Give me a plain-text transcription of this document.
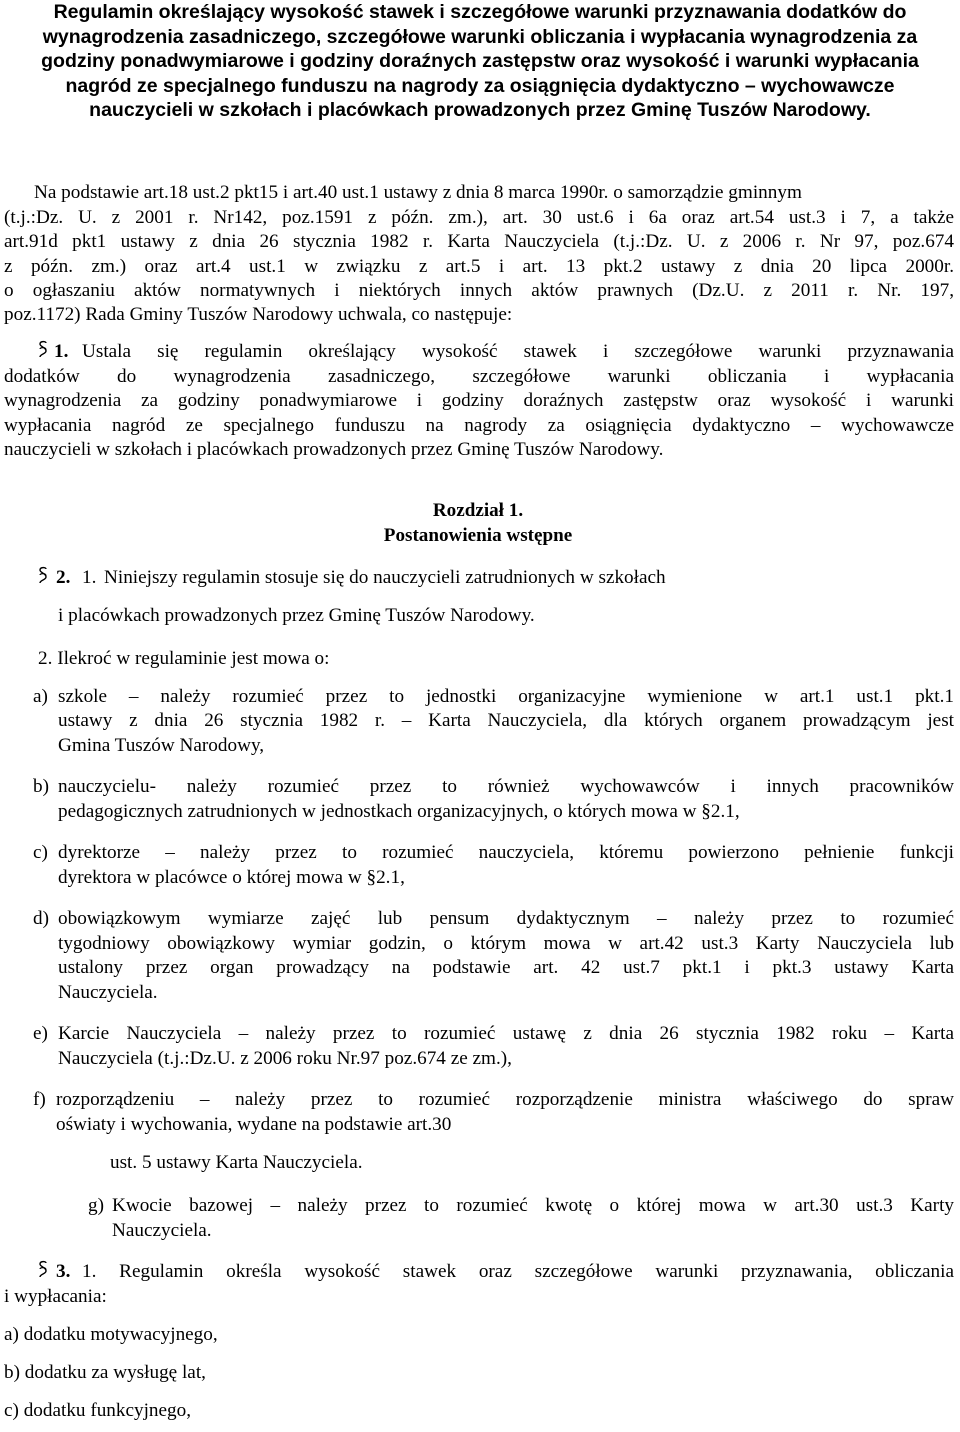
Regulamin określający wysokość stawek i szczegółowe warunki przyznawania dodatków do
wynagrodzenia zasadniczego, szczegółowe warunki obliczania i wypłacania wynagrodzenia za
godziny ponadwymiarowe i godziny doraźnych zastępstw oraz wysokość i warunki wypłacania
nagród ze specjalnego funduszu na nagrody za osiągnięcia dydaktyczno – wychowawcze
nauczycieli w szkołach i placówkach prowadzonych przez Gminę Tuszów Narodowy.
Na podstawie art.18 ust.2 pkt15 i art.40 ust.1 ustawy z dnia 8 marca 1990r. o samorządzie gminnym
(t.j.:Dz. U. z 2001 r. Nr142, poz.1591 z późn. zm.), art. 30 ust.6 i 6a oraz art.54 ust.3 i 7, a także
art.91d pkt1 ustawy z dnia 26 stycznia 1982 r. Karta Nauczyciela (t.j.:Dz. U. z 2006 r. Nr 97, poz.674
z późn. zm.) oraz art.4 ust.1 w związku z art.5 i art. 13 pkt.2 ustawy z dnia 20 lipca 2000r.
o ogłaszaniu aktów normatywnych i niektórych innych aktów prawnych (Dz.U. z 2011 r. Nr. 197,
poz.1172) Rada Gminy Tuszów Narodowy uchwala, co następuje:
1. Ustala się regulamin określający wysokość stawek i szczegółowe warunki przyznawania
dodatków do wynagrodzenia zasadniczego, szczegółowe warunki obliczania i wypłacania
wynagrodzenia za godziny ponadwymiarowe i godziny doraźnych zastępstw oraz wysokość i warunki
wypłacania nagród ze specjalnego funduszu na nagrody za osiągnięcia dydaktyczno – wychowawcze
nauczycieli w szkołach i placówkach prowadzonych przez Gminę Tuszów Narodowy.
Rozdział 1.
Postanowienia wstępne
2. 1. Niniejszy regulamin stosuje się do nauczycieli zatrudnionych w szkołach
i placówkach prowadzonych przez Gminę Tuszów Narodowy.
2. Ilekroć w regulaminie jest mowa o:
a) szkole – należy rozumieć przez to jednostki organizacyjne wymienione w art.1 ust.1 pkt.1
ustawy z dnia 26 stycznia 1982 r. – Karta Nauczyciela, dla których organem prowadzącym jest
Gmina Tuszów Narodowy,
b) nauczycielu- należy rozumieć przez to również wychowawców i innych pracowników
pedagogicznych zatrudnionych w jednostkach organizacyjnych, o których mowa w §2.1,
c) dyrektorze – należy przez to rozumieć nauczyciela, któremu powierzono pełnienie funkcji
dyrektora w placówce o której mowa w §2.1,
d) obowiązkowym wymiarze zajęć lub pensum dydaktycznym – należy przez to rozumieć
tygodniowy obowiązkowy wymiar godzin, o którym mowa w art.42 ust.3 Karty Nauczyciela lub
ustalony przez organ prowadzący na podstawie art. 42 ust.7 pkt.1 i pkt.3 ustawy Karta
Nauczyciela.
e) Karcie Nauczyciela – należy przez to rozumieć ustawę z dnia 26 stycznia 1982 roku – Karta
Nauczyciela (t.j.:Dz.U. z 2006 roku Nr.97 poz.674 ze zm.),
f) rozporządzeniu – należy przez to rozumieć rozporządzenie ministra właściwego do spraw
oświaty i wychowania, wydane na podstawie art.30
ust. 5 ustawy Karta Nauczyciela.
g) Kwocie bazowej – należy przez to rozumieć kwotę o której mowa w art.30 ust.3 Karty
Nauczyciela.
3. 1. Regulamin określa wysokość stawek oraz szczegółowe warunki przyznawania, obliczania
i wypłacania:
a) dodatku motywacyjnego,
b) dodatku za wysługę lat,
c) dodatku funkcyjnego,
